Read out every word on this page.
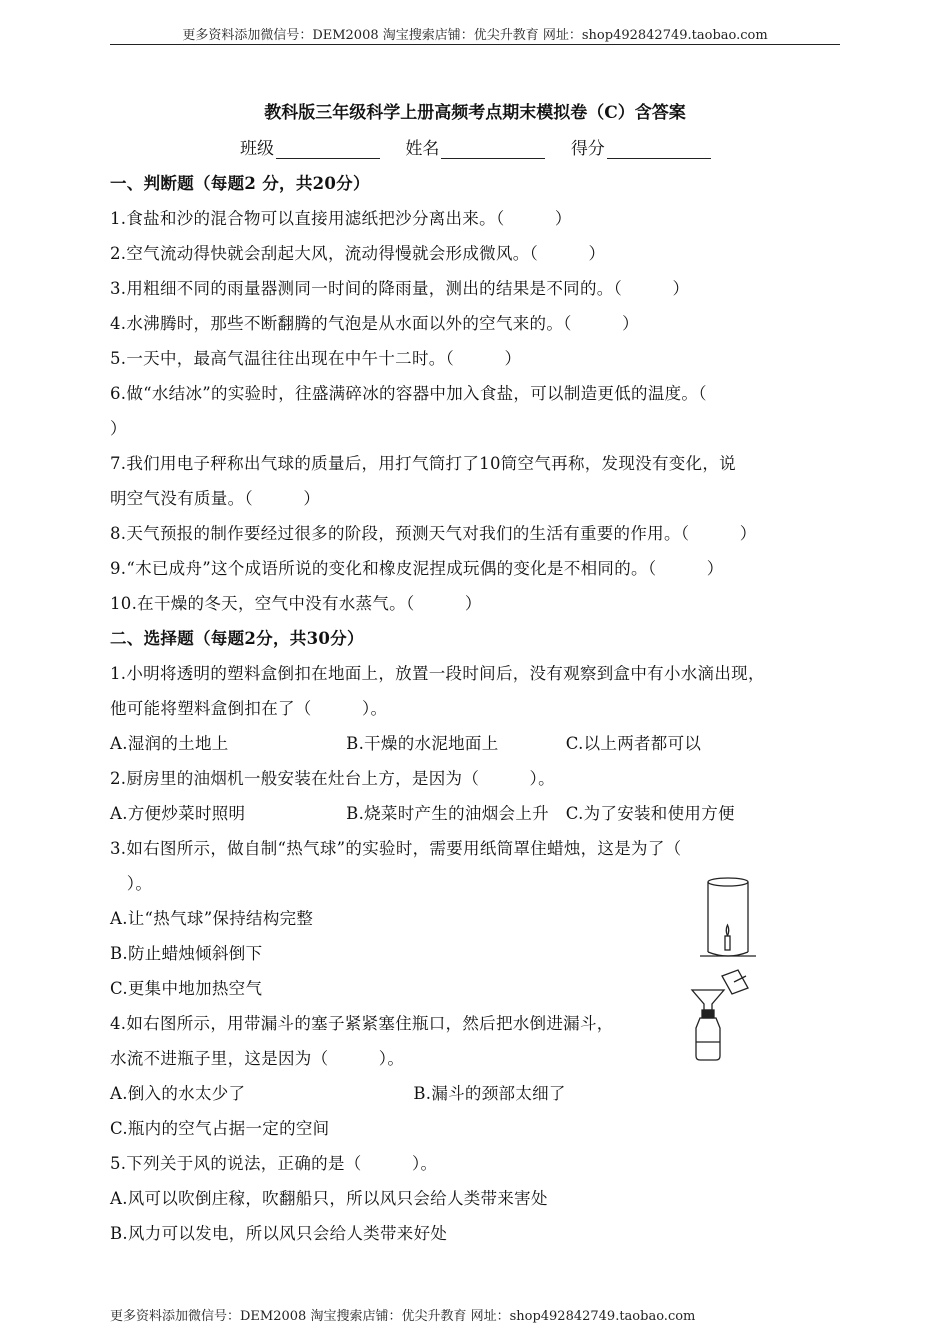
更多资料添加微信号：DEM2008 淘宝搜索店铺：优尖升教育 网址：shop492842749.taobao.com
教科版三年级科学上册高频考点期末模拟卷（C）含答案
班级	姓名	得分
一、判断题（每题2 分，共20分）
1.食盐和沙的混合物可以直接用滤纸把沙分离出来。（　　　）
2.空气流动得快就会刮起大风，流动得慢就会形成微风。（　　　）
3.用粗细不同的雨量器测同一时间的降雨量，测出的结果是不同的。（　　　）
4.水沸腾时，那些不断翻腾的气泡是从水面以外的空气来的。（　　　）
5.一天中，最高气温往往出现在中午十二时。（　　　）
6.做“水结冰”的实验时，往盛满碎冰的容器中加入食盐，可以制造更低的温度。（
）
7.我们用电子秤称出气球的质量后，用打气筒打了10筒空气再称，发现没有变化，说
明空气没有质量。（　　　）
8.天气预报的制作要经过很多的阶段，预测天气对我们的生活有重要的作用。（　　　）
9.“木已成舟”这个成语所说的变化和橡皮泥捏成玩偶的变化是不相同的。（　　　）
10.在干燥的冬天，空气中没有水蒸气。（　　　）
二、选择题（每题2分，共30分）
1.小明将透明的塑料盒倒扣在地面上，放置一段时间后，没有观察到盒中有小水滴出现，
他可能将塑料盒倒扣在了（　　　）。
A.湿润的土地上　　　　　　　B.干燥的水泥地面上　　　　C.以上两者都可以
2.厨房里的油烟机一般安装在灶台上方，是因为（　　　）。
A.方便炒菜时照明　　　　　　B.烧菜时产生的油烟会上升　C.为了安装和使用方便
3.如右图所示，做自制“热气球”的实验时，需要用纸筒罩住蜡烛，这是为了（
　）。
A.让“热气球”保持结构完整
B.防止蜡烛倾斜倒下
C.更集中地加热空气
4.如右图所示，用带漏斗的塞子紧紧塞住瓶口，然后把水倒进漏斗，
水流不进瓶子里，这是因为（　　　）。
A.倒入的水太少了　　　　　　　　　　B.漏斗的颈部太细了
C.瓶内的空气占据一定的空间
5.下列关于风的说法，正确的是（　　　）。
A.风可以吹倒庄稼，吹翻船只，所以风只会给人类带来害处
B.风力可以发电，所以风只会给人类带来好处
更多资料添加微信号：DEM2008 淘宝搜索店铺：优尖升教育 网址：shop492842749.taobao.com
